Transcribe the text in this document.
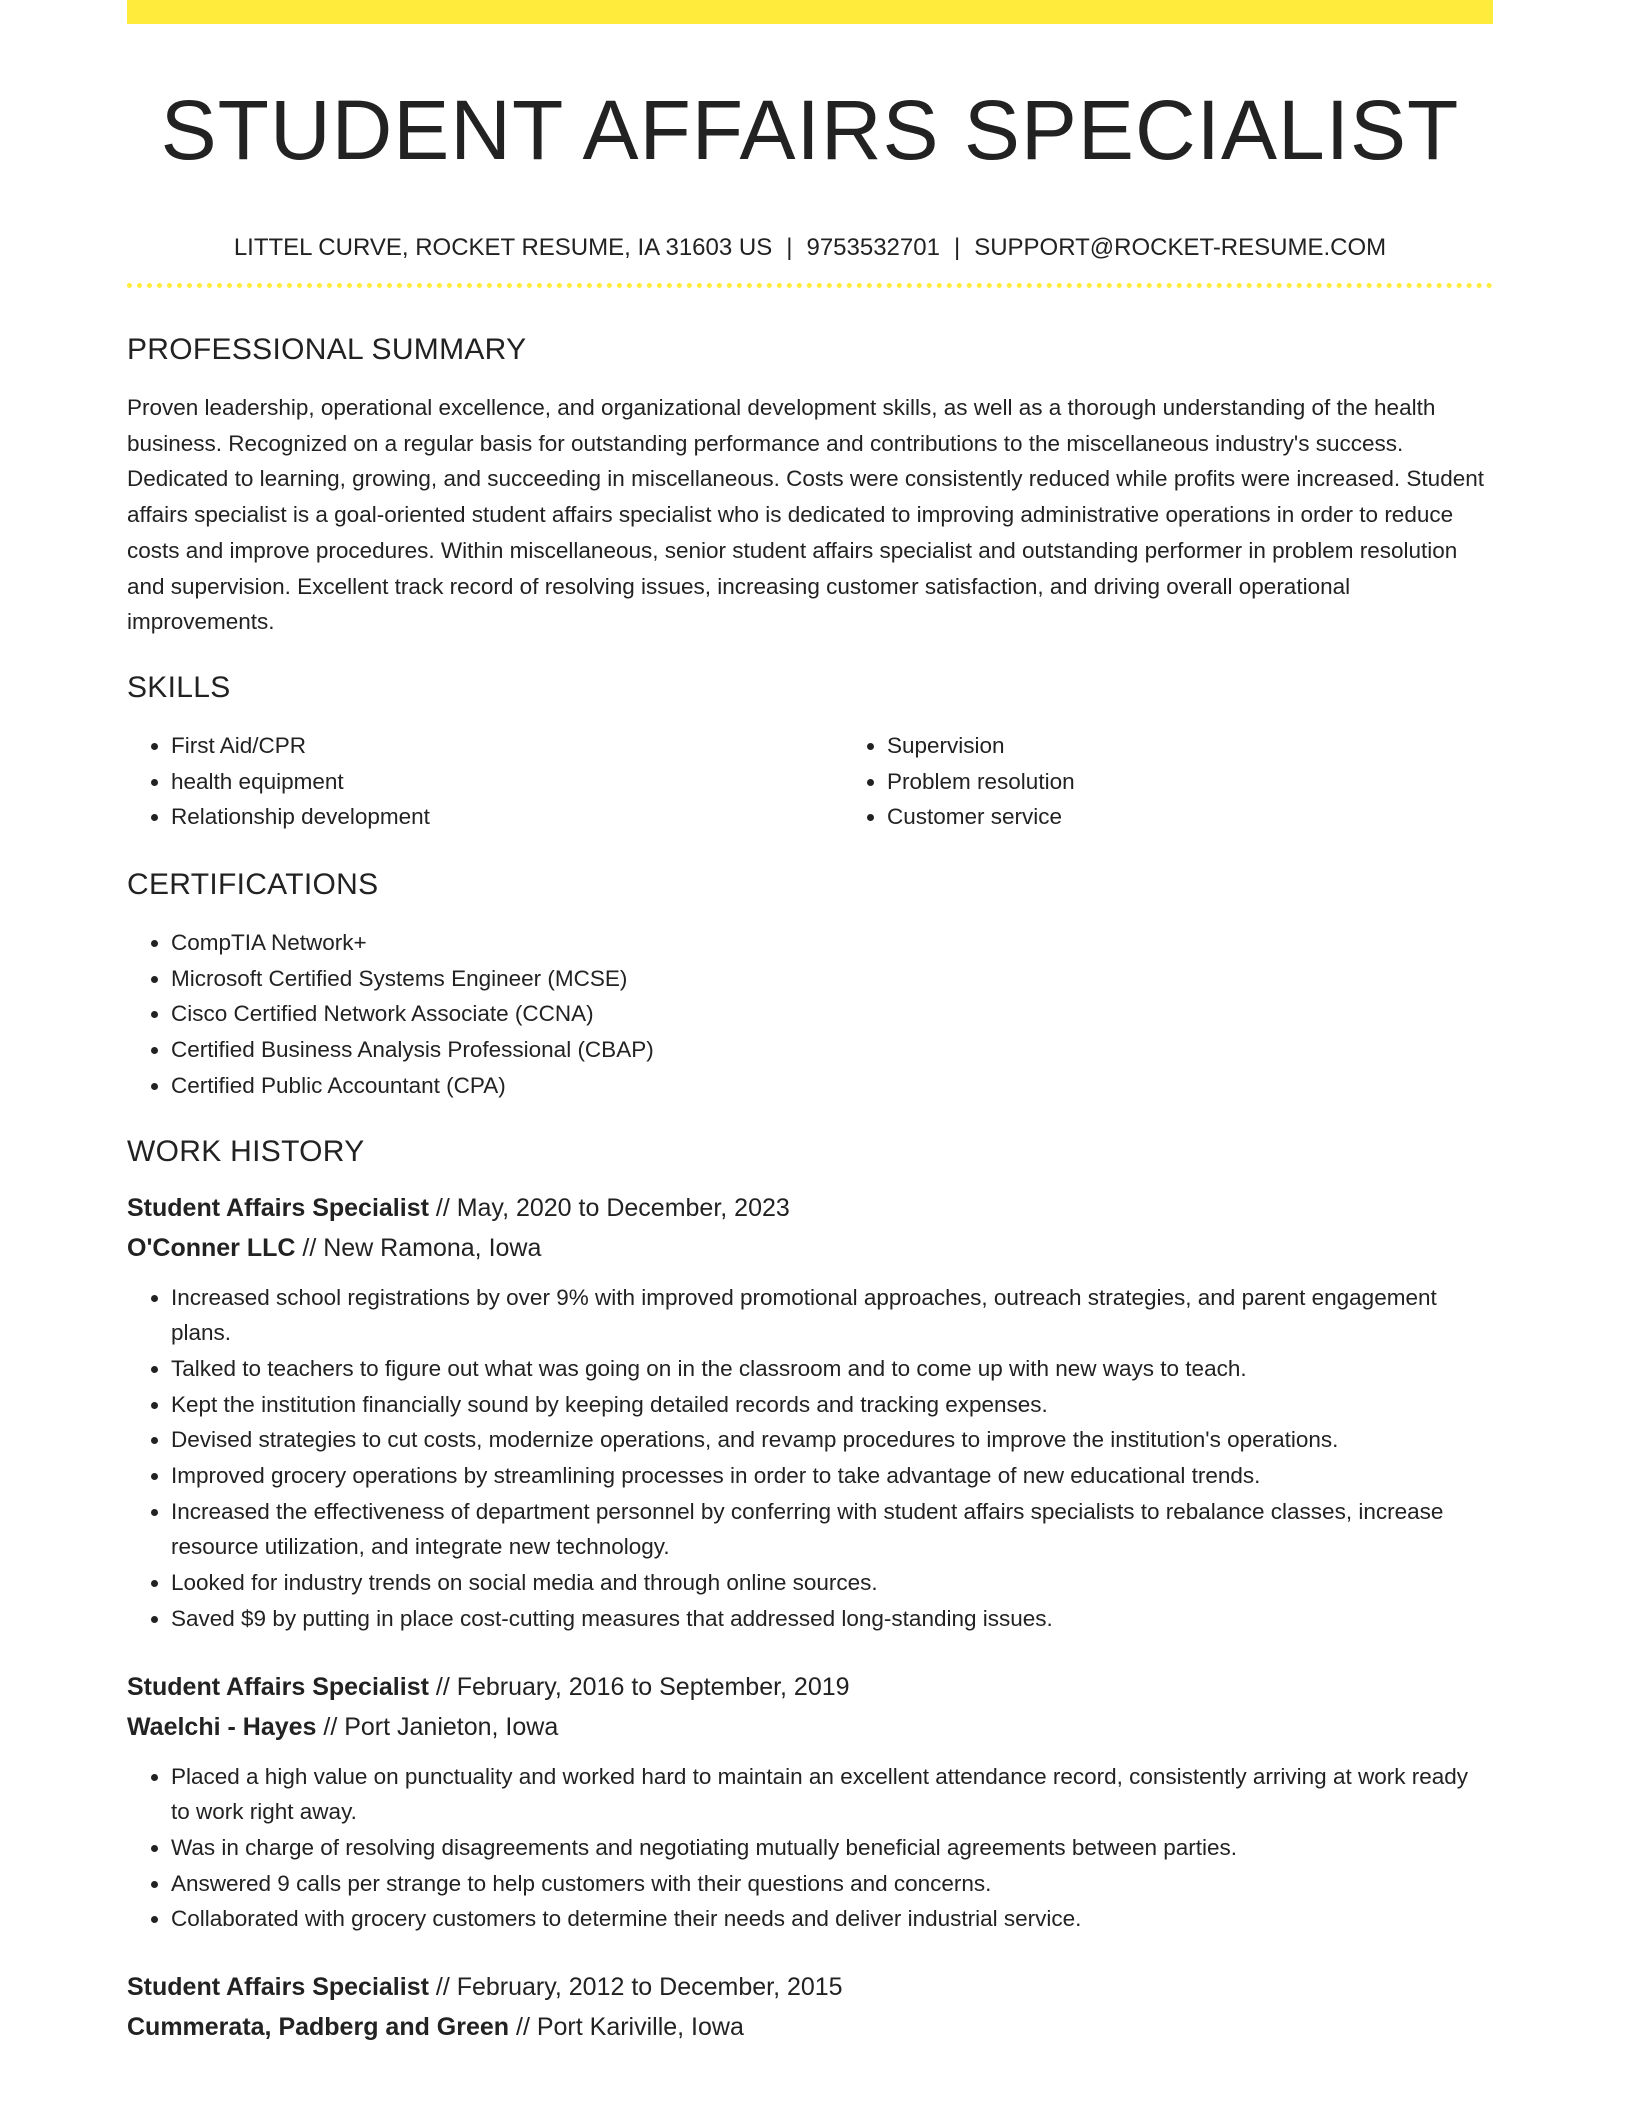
STUDENT AFFAIRS SPECIALIST
LITTEL CURVE, ROCKET RESUME, IA 31603 US | 9753532701 | SUPPORT@ROCKET-RESUME.COM
PROFESSIONAL SUMMARY

Proven leadership, operational excellence, and organizational development skills, as well as a thorough understanding of the health business. Recognized on a regular basis for outstanding performance and contributions to the miscellaneous industry's success. Dedicated to learning, growing, and succeeding in miscellaneous. Costs were consistently reduced while profits were increased. Student affairs specialist is a goal-oriented student affairs specialist who is dedicated to improving administrative operations in order to reduce costs and improve procedures. Within miscellaneous, senior student affairs specialist and outstanding performer in problem resolution and supervision. Excellent track record of resolving issues, increasing customer satisfaction, and driving overall operational improvements.

SKILLS
• First Aid/CPR
• health equipment
• Relationship development
• Supervision
• Problem resolution
• Customer service
CERTIFICATIONS
• CompTIA Network+
• Microsoft Certified Systems Engineer (MCSE)
• Cisco Certified Network Associate (CCNA)
• Certified Business Analysis Professional (CBAP)
• Certified Public Accountant (CPA)
WORK HISTORY
Student Affairs Specialist // May, 2020 to December, 2023
O'Conner LLC // New Ramona, Iowa
• Increased school registrations by over 9% with improved promotional approaches, outreach strategies, and parent engagement plans.
• Talked to teachers to figure out what was going on in the classroom and to come up with new ways to teach.
• Kept the institution financially sound by keeping detailed records and tracking expenses.
• Devised strategies to cut costs, modernize operations, and revamp procedures to improve the institution's operations.
• Improved grocery operations by streamlining processes in order to take advantage of new educational trends.
• Increased the effectiveness of department personnel by conferring with student affairs specialists to rebalance classes, increase resource utilization, and integrate new technology.
• Looked for industry trends on social media and through online sources.
• Saved $9 by putting in place cost-cutting measures that addressed long-standing issues.
Student Affairs Specialist // February, 2016 to September, 2019
Waelchi - Hayes // Port Janieton, Iowa
• Placed a high value on punctuality and worked hard to maintain an excellent attendance record, consistently arriving at work ready to work right away.
• Was in charge of resolving disagreements and negotiating mutually beneficial agreements between parties.
• Answered 9 calls per strange to help customers with their questions and concerns.
• Collaborated with grocery customers to determine their needs and deliver industrial service.
Student Affairs Specialist // February, 2012 to December, 2015
Cummerata, Padberg and Green // Port Kariville, Iowa
